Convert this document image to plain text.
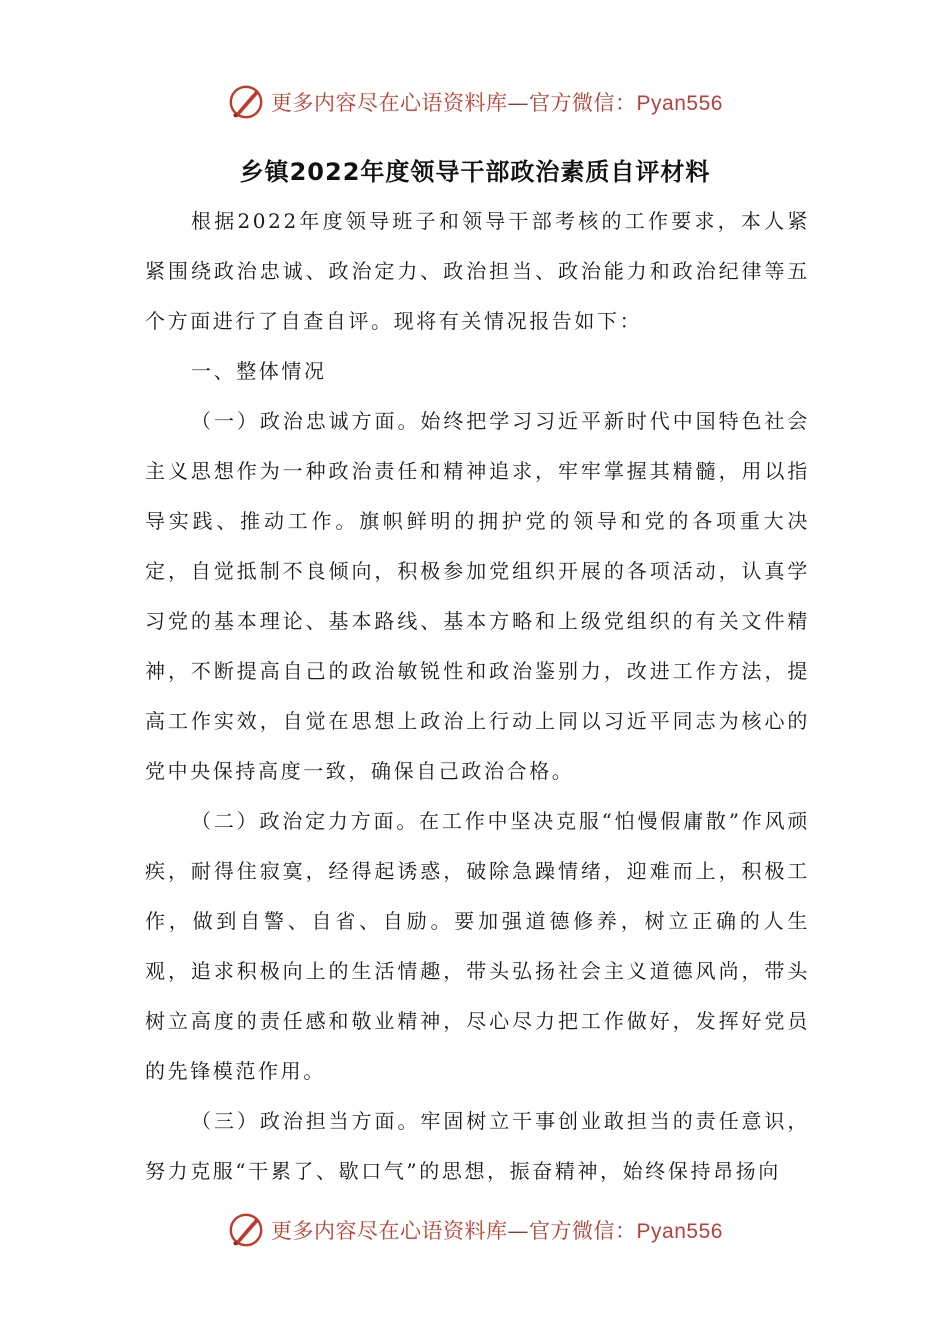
更多内容尽在心语资料库—官方微信：Pyan556
乡镇2022年度领导干部政治素质自评材料

根据2022年度领导班子和领导干部考核的工作要求，本人紧紧围绕政治忠诚、政治定力、政治担当、政治能力和政治纪律等五个方面进行了自查自评。现将有关情况报告如下：

一、整体情况

（一）政治忠诚方面。始终把学习习近平新时代中国特色社会主义思想作为一种政治责任和精神追求，牢牢掌握其精髓，用以指导实践、推动工作。旗帜鲜明的拥护党的领导和党的各项重大决定，自觉抵制不良倾向，积极参加党组织开展的各项活动，认真学习党的基本理论、基本路线、基本方略和上级党组织的有关文件精神，不断提高自己的政治敏锐性和政治鉴别力，改进工作方法，提高工作实效，自觉在思想上政治上行动上同以习近平同志为核心的党中央保持高度一致，确保自己政治合格。

（二）政治定力方面。在工作中坚决克服“怕慢假庸散”作风顽疾，耐得住寂寞，经得起诱惑，破除急躁情绪，迎难而上，积极工作，做到自警、自省、自励。要加强道德修养，树立正确的人生观，追求积极向上的生活情趣，带头弘扬社会主义道德风尚，带头树立高度的责任感和敬业精神，尽心尽力把工作做好，发挥好党员的先锋模范作用。

（三）政治担当方面。牢固树立干事创业敢担当的责任意识，努力克服“干累了、歇口气”的思想，振奋精神，始终保持昂扬向

更多内容尽在心语资料库—官方微信：Pyan556
